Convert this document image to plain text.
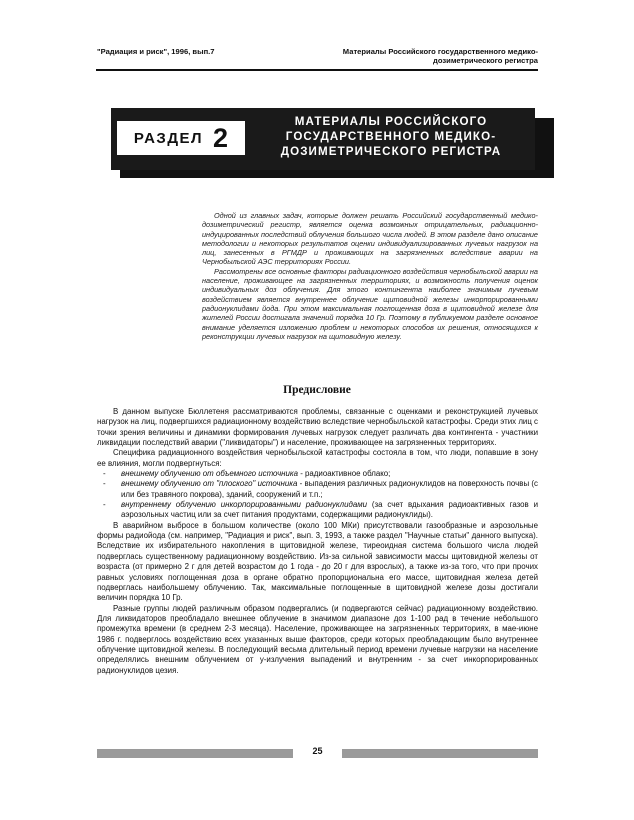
"Радиация и риск", 1996, вып.7	Материалы Российского государственного медико-дозиметрического регистра
РАЗДЕЛ 2
МАТЕРИАЛЫ РОССИЙСКОГО ГОСУДАРСТВЕННОГО МЕДИКО-ДОЗИМЕТРИЧЕСКОГО РЕГИСТРА

Одной из главных задач, которые должен решать Российский государственный медико-дозиметрический регистр, является оценка возможных отрицательных, радиационно-индуцированных последствий облучения большого числа людей. В этом разделе дано описание методологии и некоторых результатов оценки индивидуализированных лучевых нагрузок на лиц, занесенных в РГМДР и проживающих на загрязненных вследствие аварии на Чернобыльской АЭС территориях России.

Рассмотрены все основные факторы радиационного воздействия чернобыльской аварии на население, проживающее на загрязненных территориях, и возможность получения оценок индивидуальных доз облучения. Для этого контингента наиболее значимым лучевым воздействием является внутреннее облучение щитовидной железы инкорпорированными радионуклидами йода. При этом максимальная поглощенная доза в щитовидной железе для жителей России достигала значений порядка 10 Гр. Поэтому в публикуемом разделе основное внимание уделяется изложению проблем и некоторых способов их решения, относящихся к реконструкции лучевых нагрузок на щитовидную железу.

Предисловие

В данном выпуске Бюллетеня рассматриваются проблемы, связанные с оценками и реконструкцией лучевых нагрузок на лиц, подвергшихся радиационному воздействию вследствие чернобыльской катастрофы. Среди этих лиц с точки зрения величины и динамики формирования лучевых нагрузок следует различать два контингента - участники ликвидации последствий аварии ("ликвидаторы") и население, проживающее на загрязненных территориях.

Специфика радиационного воздействия чернобыльской катастрофы состояла в том, что люди, попавшие в зону ее влияния, могли подвергнуться:

- внешнему облучению от объемного источника - радиоактивное облако;
- внешнему облучению от "плоского" источника - выпадения различных радионуклидов на поверхность почвы (с или без травяного покрова), зданий, сооружений и т.п.;
- внутреннему облучению инкорпорированными радионуклидами (за счет вдыхания радиоактивных газов и аэрозольных частиц или за счет питания продуктами, содержащими радионуклиды).

В аварийном выбросе в большом количестве (около 100 МКи) присутствовали газообразные и аэрозольные формы радиойода (см. например, "Радиация и риск", вып. 3, 1993, а также раздел "Научные статьи" данного выпуска). Вследствие их избирательного накопления в щитовидной железе, тиреоидная система большого числа людей подверглась существенному радиационному воздействию. Из-за сильной зависимости массы щитовидной железы от возраста (от примерно 2 г для детей возрастом до 1 года - до 20 г для взрослых), а также из-за того, что при прочих равных условиях поглощенная доза в органе обратно пропорциональна его массе, щитовидная железа детей подверглась наибольшему облучению. Так, максимальные поглощенные в щитовидной железе дозы достигали величин порядка 10 Гр.

Разные группы людей различным образом подвергались (и подвергаются сейчас) радиационному воздействию. Для ликвидаторов преобладало внешнее облучение в значимом диапазоне доз 1-100 рад в течение небольшого промежутка времени (в среднем 2-3 месяца). Население, проживающее на загрязненных территориях, в мае-июне 1986 г. подверглось воздействию всех указанных выше факторов, среди которых преобладающим было внутреннее облучение щитовидной железы. В последующий весьма длительный период времени лучевые нагрузки на население определялись внешним облучением от у-излучения выпадений и внутренним - за счет инкорпорированных радионуклидов цезия.

25
